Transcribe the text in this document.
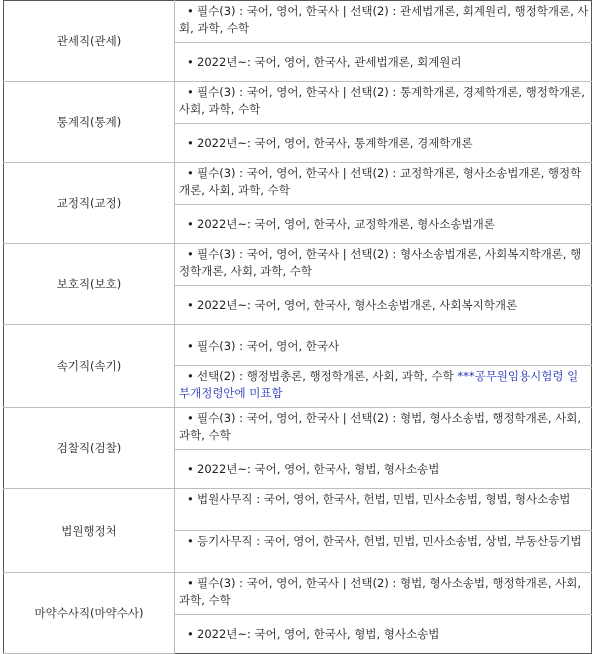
관세직(관세)	• 필수(3) : 국어, 영어, 한국사 | 선택(2) : 관세법개론, 회계원리, 행정학개론, 사회, 과학, 수학
	• 2022년~: 국어, 영어, 한국사, 관세법개론, 회계원리
통계직(통계)	• 필수(3) : 국어, 영어, 한국사 | 선택(2) : 통계학개론, 경제학개론, 행정학개론, 사회, 과학, 수학
	• 2022년~: 국어, 영어, 한국사, 통계학개론, 경제학개론
교정직(교정)	• 필수(3) : 국어, 영어, 한국사 | 선택(2) : 교정학개론, 형사소송법개론, 행정학개론, 사회, 과학, 수학
	• 2022년~: 국어, 영어, 한국사, 교정학개론, 형사소송법개론
보호직(보호)	• 필수(3) : 국어, 영어, 한국사 | 선택(2) : 형사소송법개론, 사회복지학개론, 행정학개론, 사회, 과학, 수학
	• 2022년~: 국어, 영어, 한국사, 형사소송법개론, 사회복지학개론
속기직(속기)	• 필수(3) : 국어, 영어, 한국사
	• 선택(2) : 행정법총론, 행정학개론, 사회, 과학, 수학 ***공무원임용시험령 일부개정령안에 미표함
검찰직(검찰)	• 필수(3) : 국어, 영어, 한국사 | 선택(2) : 형법, 형사소송법, 행정학개론, 사회, 과학, 수학
	• 2022년~: 국어, 영어, 한국사, 형법, 형사소송법
법원행정처	• 법원사무직 : 국어, 영어, 한국사, 헌법, 민법, 민사소송법, 형법, 형사소송법
	• 등기사무직 : 국어, 영어, 한국사, 헌법, 민법, 민사소송법, 상법, 부동산등기법
마약수사직(마약수사)	• 필수(3) : 국어, 영어, 한국사 | 선택(2) : 형법, 형사소송법, 행정학개론, 사회, 과학, 수학
	• 2022년~: 국어, 영어, 한국사, 형법, 형사소송법
